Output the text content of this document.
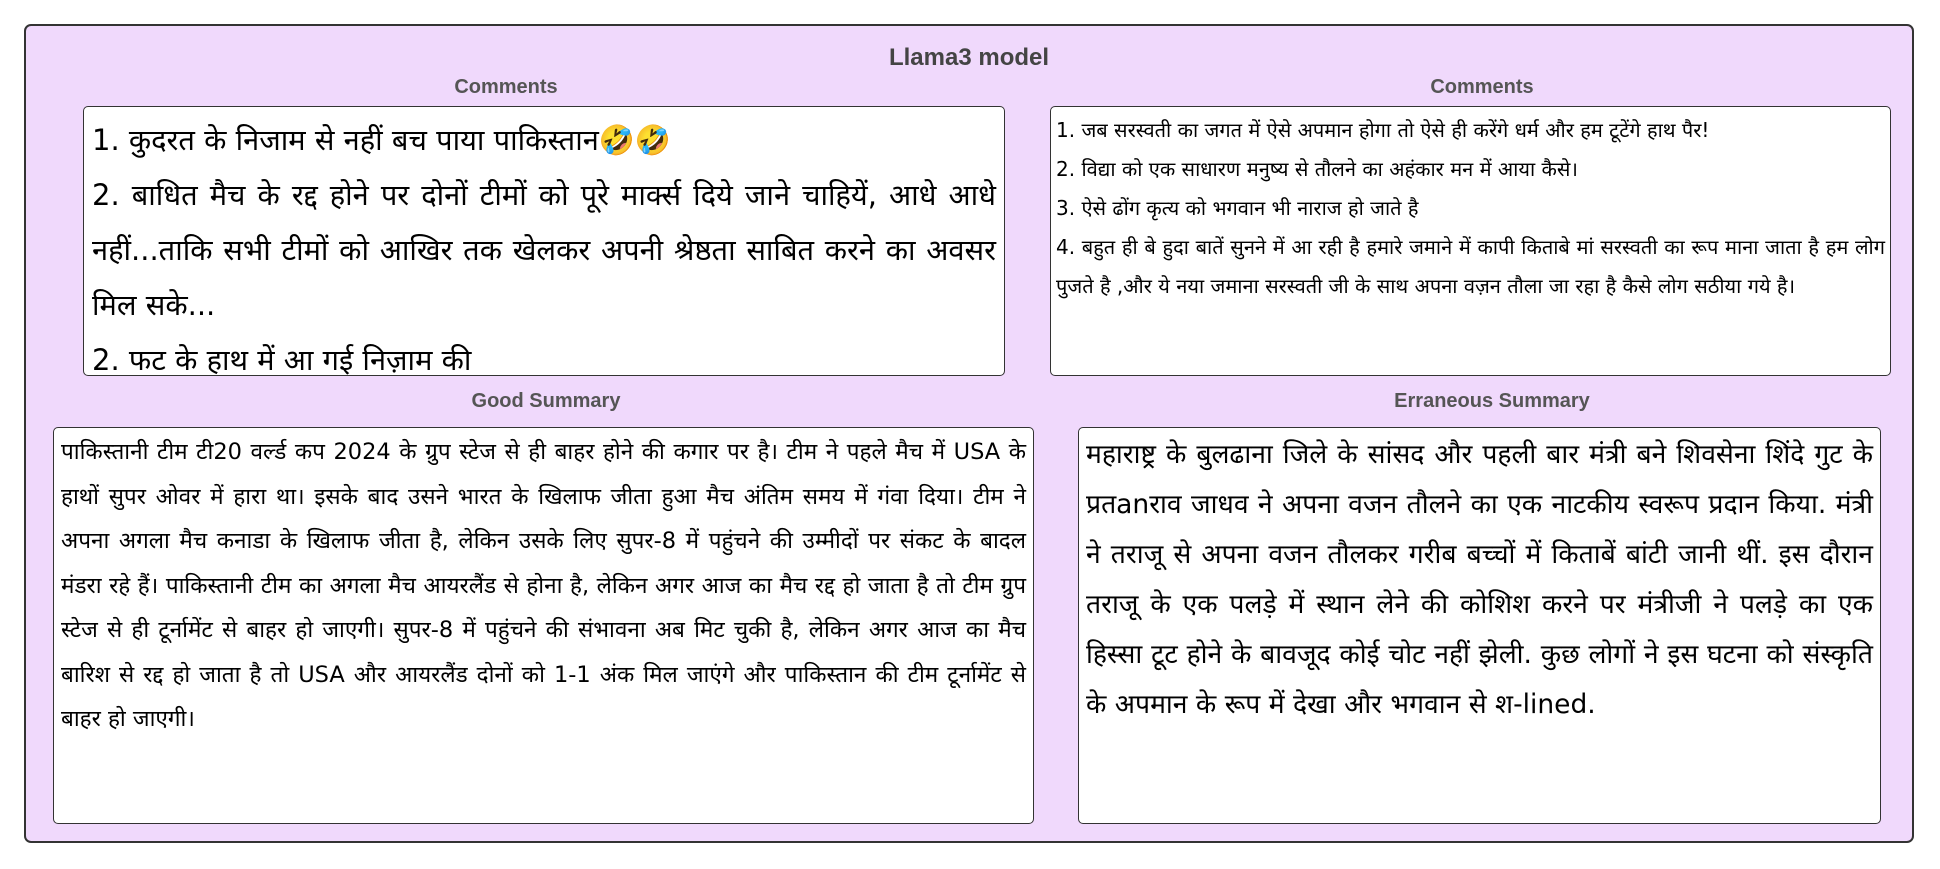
Llama3 model
Comments	Comments

1. कुदरत के निजाम से नहीं बच पाया पाकिस्तान🤣🤣

2. बाधित मैच के रद्द होने पर दोनों टीमों को पूरे मार्क्स दिये जाने चाहियें, आधे आधे नहीं...ताकि सभी टीमों को आखिर तक खेलकर अपनी श्रेष्ठता साबित करने का अवसर मिल सके...

2. फट के हाथ में आ गई निज़ाम की

1. जब सरस्वती का जगत में ऐसे अपमान होगा तो ऐसे ही करेंगे धर्म और हम टूटेंगे हाथ पैर!

2. विद्या को एक साधारण मनुष्य से तौलने का अहंकार मन में आया कैसे।

3. ऐसे ढोंग कृत्य को भगवान भी नाराज हो जाते है

4. बहुत ही बे हुदा बातें सुनने में आ रही है हमारे जमाने में कापी किताबे मां सरस्वती का रूप माना जाता है हम लोग पुजते है ,और ये नया जमाना सरस्वती जी के साथ अपना वज़न तौला जा रहा है कैसे लोग सठीया गये है।

Good Summary	Erraneous Summary

पाकिस्तानी टीम टी20 वर्ल्ड कप 2024 के ग्रुप स्टेज से ही बाहर होने की कगार पर है। टीम ने पहले मैच में USA के हाथों सुपर ओवर में हारा था। इसके बाद उसने भारत के खिलाफ जीता हुआ मैच अंतिम समय में गंवा दिया। टीम ने अपना अगला मैच कनाडा के खिलाफ जीता है, लेकिन उसके लिए सुपर-8 में पहुंचने की उम्मीदों पर संकट के बादल मंडरा रहे हैं। पाकिस्तानी टीम का अगला मैच आयरलैंड से होना है, लेकिन अगर आज का मैच रद्द हो जाता है तो टीम ग्रुप स्टेज से ही टूर्नामेंट से बाहर हो जाएगी। सुपर-8 में पहुंचने की संभावना अब मिट चुकी है, लेकिन अगर आज का मैच बारिश से रद्द हो जाता है तो USA और आयरलैंड दोनों को 1-1 अंक मिल जाएंगे और पाकिस्तान की टीम टूर्नामेंट से बाहर हो जाएगी।

महाराष्ट्र के बुलढाना जिले के सांसद और पहली बार मंत्री बने शिवसेना शिंदे गुट के प्रतanराव जाधव ने अपना वजन तौलने का एक नाटकीय स्वरूप प्रदान किया. मंत्री ने तराजू से अपना वजन तौलकर गरीब बच्चों में किताबें बांटी जानी थीं. इस दौरान तराजू के एक पलड़े में स्थान लेने की कोशिश करने पर मंत्रीजी ने पलड़े का एक हिस्सा टूट होने के बावजूद कोई चोट नहीं झेली. कुछ लोगों ने इस घटना को संस्कृति के अपमान के रूप में देखा और भगवान से श-lined.
